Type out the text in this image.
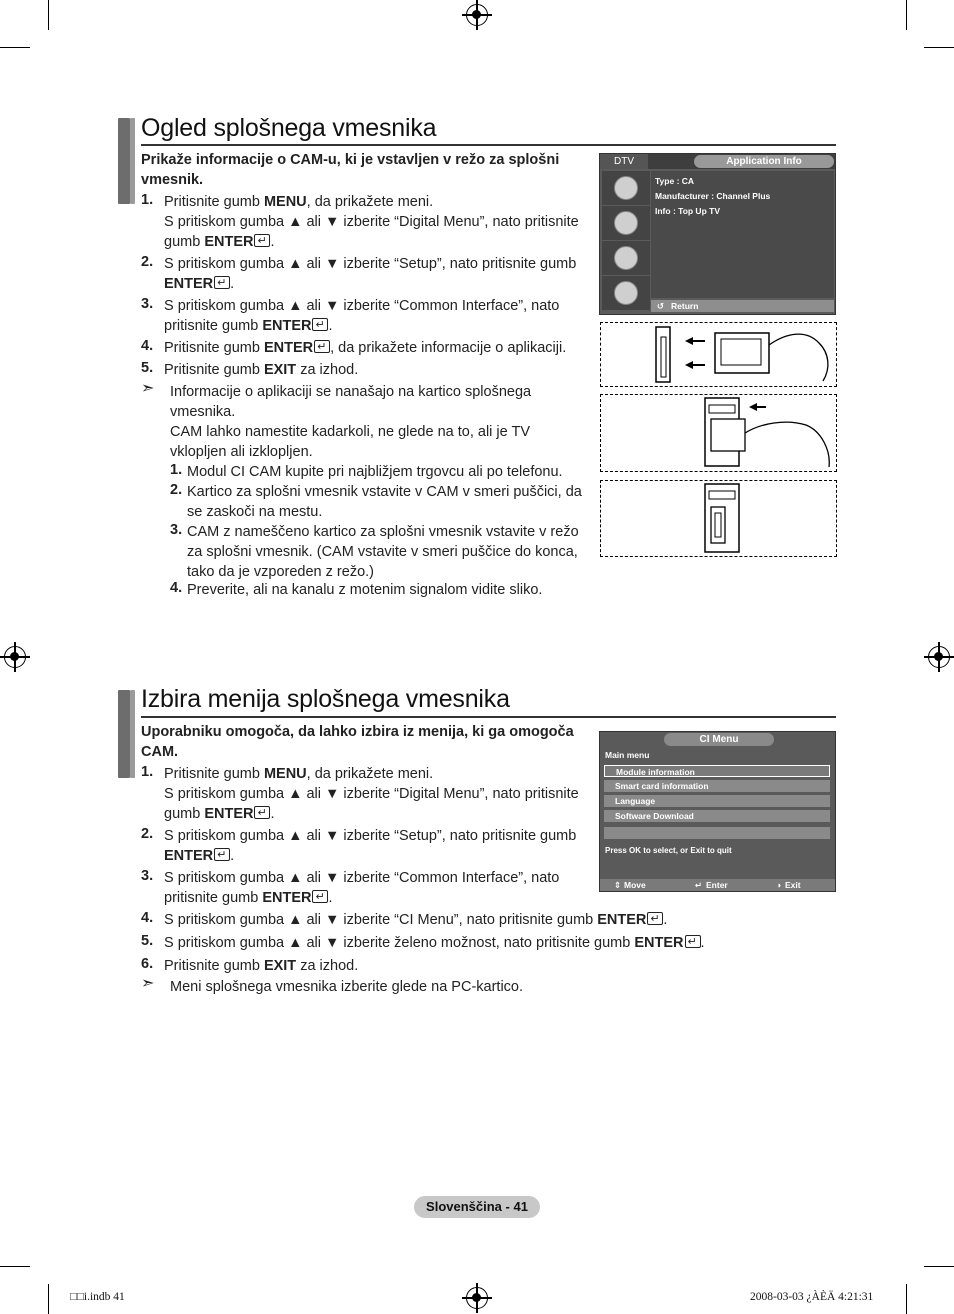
Ogled splošnega vmesnika
Prikaže informacije o CAM-u, ki je vstavljen v režo za splošni vmesnik.
1. Pritisnite gumb MENU, da prikažete meni.
S pritiskom gumba ▲ ali ▼ izberite “Digital Menu”, nato pritisnite
gumb ENTER ↵ .
2. S pritiskom gumba ▲ ali ▼ izberite “Setup”, nato pritisnite gumb
ENTER ↵ .
3. S pritiskom gumba ▲ ali ▼ izberite “Common Interface”, nato
pritisnite gumb ENTER ↵ .
4. Pritisnite gumb ENTER ↵ , da prikažete informacije o aplikaciji.
5. Pritisnite gumb EXIT za izhod.
➣ Informacije o aplikaciji se nanašajo na kartico splošnega
vmesnika.
CAM lahko namestite kadarkoli, ne glede na to, ali je TV
vklopljen ali izklopljen.
1. Modul CI CAM kupite pri najbližjem trgovcu ali po telefonu.
2. Kartico za splošni vmesnik vstavite v CAM v smeri puščici, da
se zaskoči na mestu.
3. CAM z nameščeno kartico za splošni vmesnik vstavite v režo
za splošni vmesnik. (CAM vstavite v smeri puščice do konca,
tako da je vzporeden z režo.)
4. Preverite, ali na kanalu z motenim signalom vidite sliko.
DTV	Application Info
Type : CA
Manufacturer : Channel Plus
Info : Top Up TV
↺ Return
Izbira menija splošnega vmesnika
Uporabniku omogoča, da lahko izbira iz menija, ki ga omogoča
CAM.
1. Pritisnite gumb MENU, da prikažete meni.
S pritiskom gumba ▲ ali ▼ izberite “Digital Menu”, nato pritisnite
gumb ENTER ↵ .
2. S pritiskom gumba ▲ ali ▼ izberite “Setup”, nato pritisnite gumb
ENTER ↵ .
3. S pritiskom gumba ▲ ali ▼ izberite “Common Interface”, nato
pritisnite gumb ENTER ↵ .
4. S pritiskom gumba ▲ ali ▼ izberite “CI Menu”, nato pritisnite gumb ENTER ↵ .
5. S pritiskom gumba ▲ ali ▼ izberite želeno možnost, nato pritisnite gumb ENTER ↵ .
6. Pritisnite gumb EXIT za izhod.
➣ Meni splošnega vmesnika izberite glede na PC-kartico.
CI Menu
Main menu
Module information
Smart card information
Language
Software Download
Press OK to select, or Exit to quit
⇕ Move	↵ Enter	◑ Exit
Slovenščina - 41
□□i.indb 41	2008-03-03 ¿ÀÈÄ 4:21:31
